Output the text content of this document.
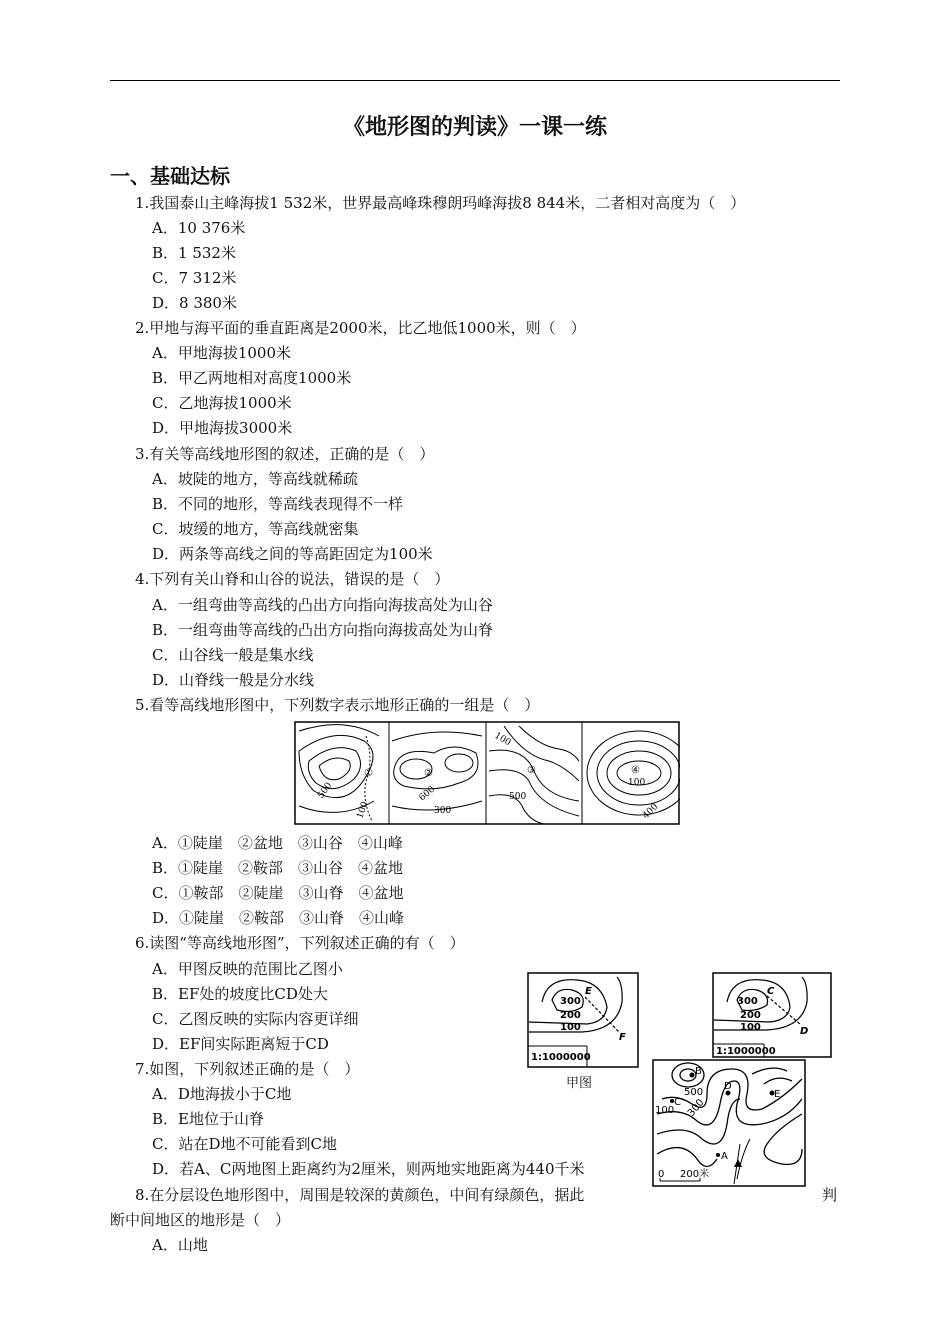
《地形图的判读》一课一练
一、基础达标
1.我国泰山主峰海拔1 532米，世界最高峰珠穆朗玛峰海拔8 844米，二者相对高度为（　）
A．10 376米
B．1 532米
C．7 312米
D．8 380米
2.甲地与海平面的垂直距离是2000米，比乙地低1000米，则（　）
A．甲地海拔1000米
B．甲乙两地相对高度1000米
C．乙地海拔1000米
D．甲地海拔3000米
3.有关等高线地形图的叙述，正确的是（　）
A．坡陡的地方，等高线就稀疏
B．不同的地形，等高线表现得不一样
C．坡缓的地方，等高线就密集
D．两条等高线之间的等高距固定为100米
4.下列有关山脊和山谷的说法，错误的是（　）
A．一组弯曲等高线的凸出方向指向海拔高处为山谷
B．一组弯曲等高线的凸出方向指向海拔高处为山脊
C．山谷线一般是集水线
D．山脊线一般是分水线
5.看等高线地形图中，下列数字表示地形正确的一组是（　）
①
500
100
②
600
300
③
100
500
④
100
400
A．①陡崖　②盆地　③山谷　④山峰
B．①陡崖　②鞍部　③山谷　④盆地
C．①鞍部　②陡崖　③山脊　④盆地
D．①陡崖　②鞍部　③山脊　④山峰
6.读图“等高线地形图”，下列叙述正确的有（　）
A．甲图反映的范围比乙图小
B．EF处的坡度比CD处大
C．乙图反映的实际内容更详细
D．EF间实际距离短于CD
300
200
100
E
F
1:1000000
甲图
300
200
100
C
D
1:1000000
7.如图，下列叙述正确的是（　）
A．D地海拔小于C地
B．E地位于山脊
C．站在D地不可能看到C地
D．若A、C两地图上距离约为2厘米，则两地实地距离为440千米
B
D
E
500
300
100
C
A
0 200米
8.在分层设色地形图中，周围是较深的黄颜色，中间有绿颜色，据此	判
断中间地区的地形是（　）
A．山地
